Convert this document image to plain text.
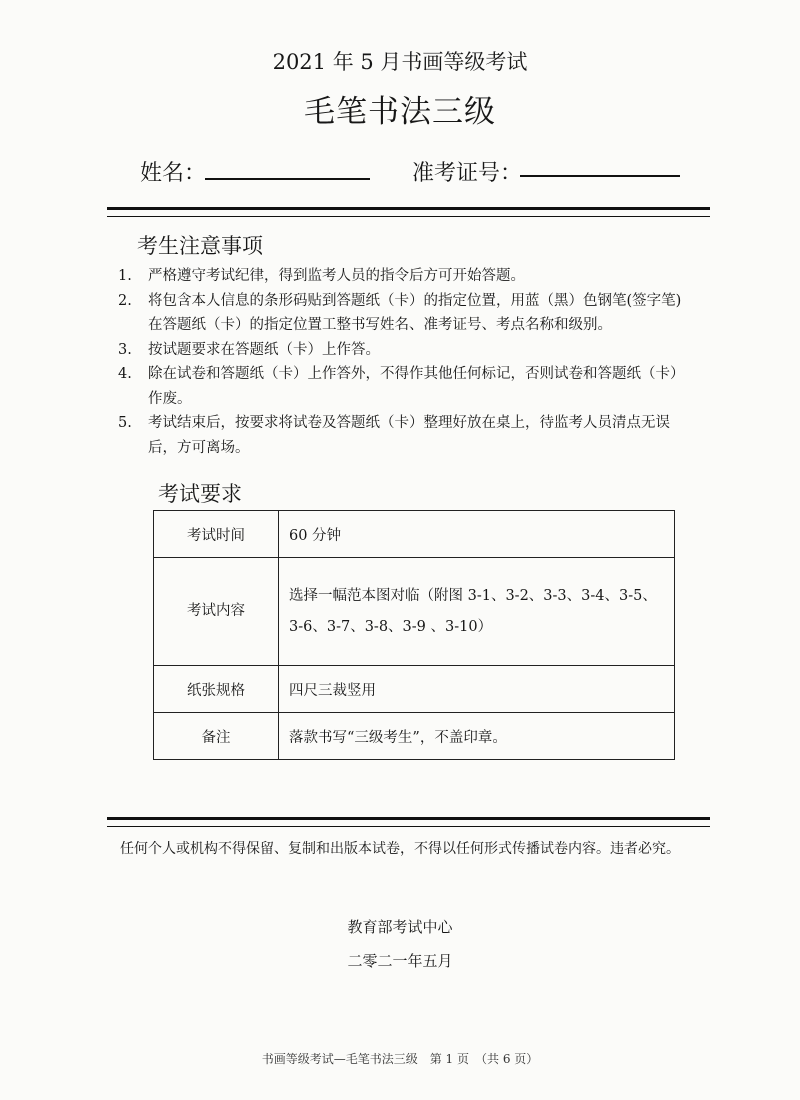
2021 年 5 月书画等级考试
毛笔书法三级
姓名：	准考证号：
考生注意事项
1.	严格遵守考试纪律，得到监考人员的指令后方可开始答题。
2.	将包含本人信息的条形码贴到答题纸（卡）的指定位置，用蓝（黑）色钢笔(签字笔)在答题纸（卡）的指定位置工整书写姓名、准考证号、考点名称和级别。
3.	按试题要求在答题纸（卡）上作答。
4.	除在试卷和答题纸（卡）上作答外，不得作其他任何标记，否则试卷和答题纸（卡）作废。
5.	考试结束后，按要求将试卷及答题纸（卡）整理好放在桌上，待监考人员清点无误后，方可离场。
考试要求
考试时间	60 分钟
考试内容	选择一幅范本图对临（附图 3-1、3-2、3-3、3-4、3-5、3-6、3-7、3-8、3-9 、3-10）
纸张规格	四尺三裁竖用
备注	落款书写“三级考生”，不盖印章。
任何个人或机构不得保留、复制和出版本试卷，不得以任何形式传播试卷内容。违者必究。
教育部考试中心
二零二一年五月
书画等级考试—毛笔书法三级　第 1 页　（共 6 页）
